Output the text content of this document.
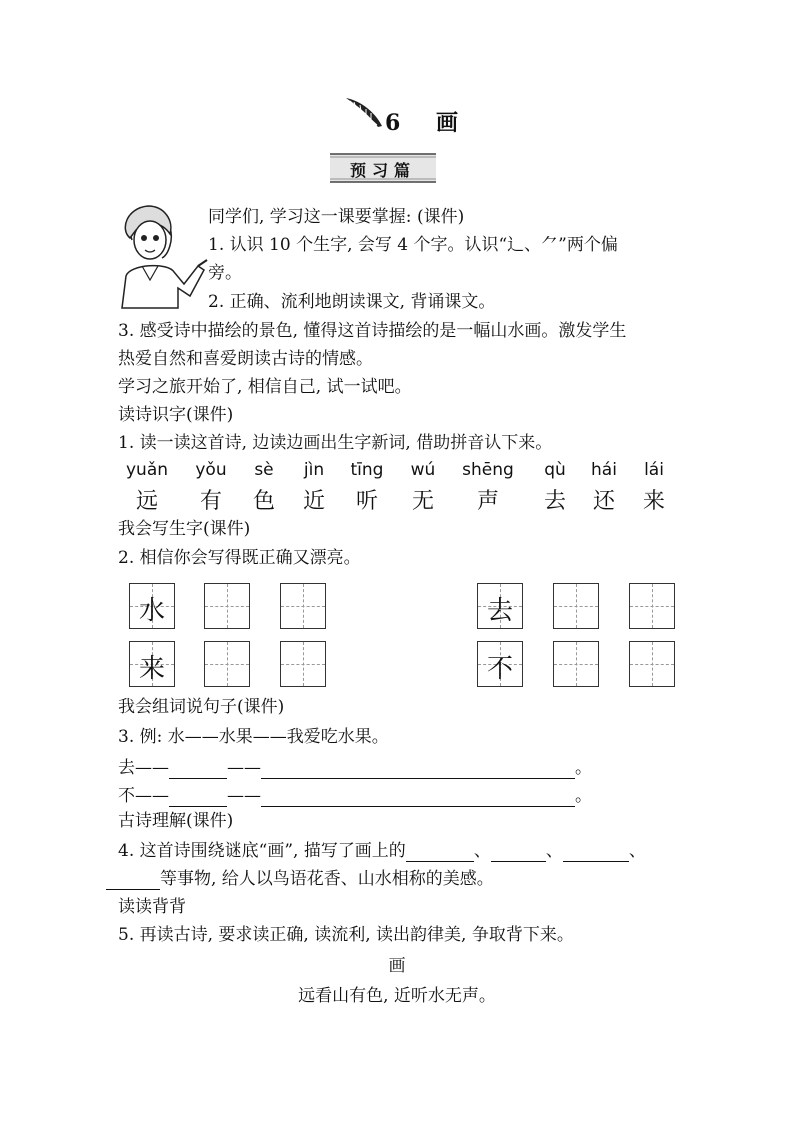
6 画
预习篇
同学们, 学习这一课要掌握: (课件)
1. 认识 10 个生字, 会写 4 个字。认识“辶、⺈”两个偏
旁。
2. 正确、流利地朗读课文, 背诵课文。
3. 感受诗中描绘的景色, 懂得这首诗描绘的是一幅山水画。激发学生
热爱自然和喜爱朗读古诗的情感。
学习之旅开始了, 相信自己, 试一试吧。
读诗识字(课件)
1. 读一读这首诗, 边读边画出生字新词, 借助拼音认下来。
yuǎn	yǒu	sè	jìn	tīng	wú	shēng	qù	hái	lái
远	有	色	近	听	无	声	去	还	来
我会写生字(课件)
2. 相信你会写得既正确又漂亮。
水	去
来	不
我会组词说句子(课件)
3. 例: 水——水果——我爱吃水果。
去——	——	。
不——	——	。
古诗理解(课件)
4. 这首诗围绕谜底“画”, 描写了画上的	、	、	、
等事物, 给人以鸟语花香、山水相称的美感。
读读背背
5. 再读古诗, 要求读正确, 读流利, 读出韵律美, 争取背下来。
画
远看山有色, 近听水无声。
